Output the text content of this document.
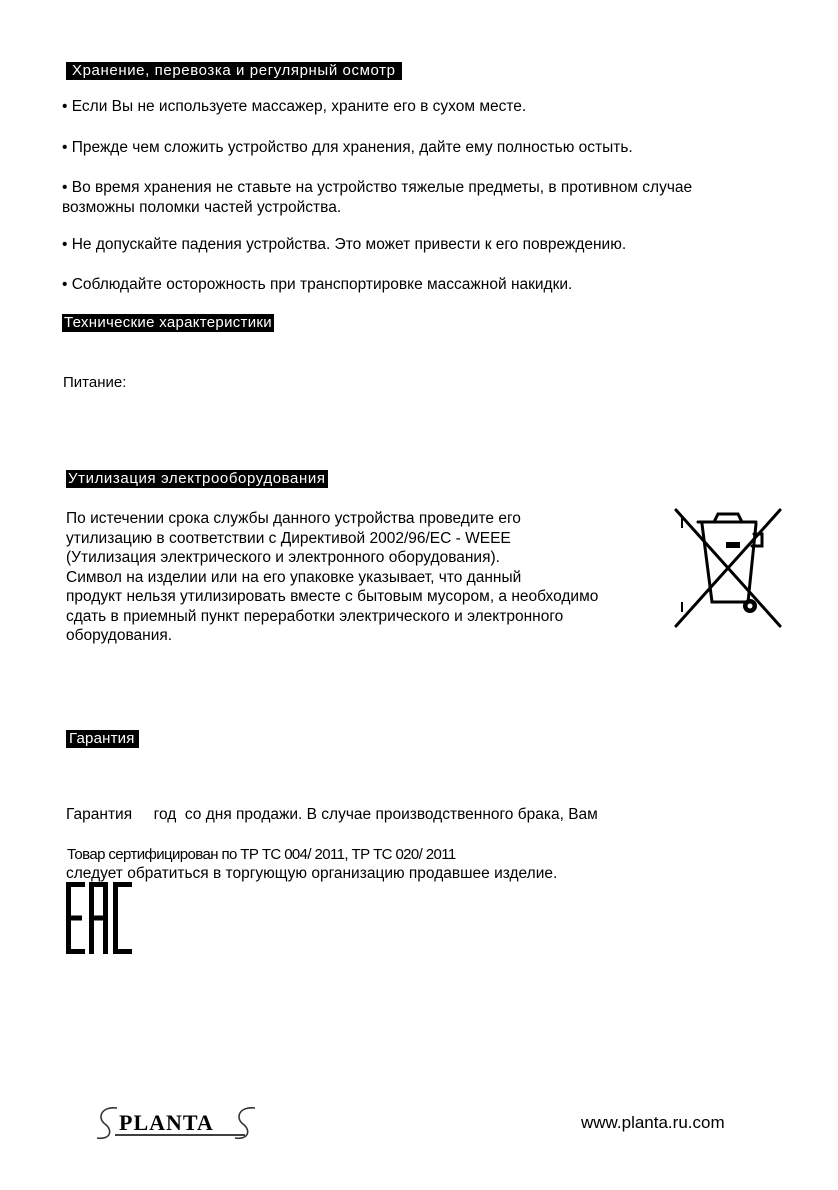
Хранение, перевозка и регулярный осмотр
• Если Вы не используете массажер, храните его в сухом месте.
• Прежде чем сложить устройство для хранения, дайте ему полностью остыть.
• Во время хранения не ставьте на устройство тяжелые предметы, в противном случае
возможны поломки частей устройства.
• Не допускайте падения устройства. Это может привести к его повреждению.
• Соблюдайте осторожность при транспортировке массажной накидки.
Технические характеристики
Питание:
Утилизация электрооборудования
По истечении срока службы данного устройства проведите его
утилизацию в соответствии с Директивой 2002/96/EC - WEEE
(Утилизация электрического и электронного оборудования).
Символ на изделии или на его упаковке указывает, что данный
продукт нельзя утилизировать вместе с бытовым мусором, а необходимо
сдать в приемный пункт переработки электрического и электронного
оборудования.
Гарантия

Гарантия     год  со дня продажи. В случае производственного брака, Вам

следует обратиться в торгующую организацию продавшее изделие.

Товар сертифицирован по ТР ТС 004/ 2011, ТР ТС 020/ 2011
PLANTA	www.planta.ru.com
